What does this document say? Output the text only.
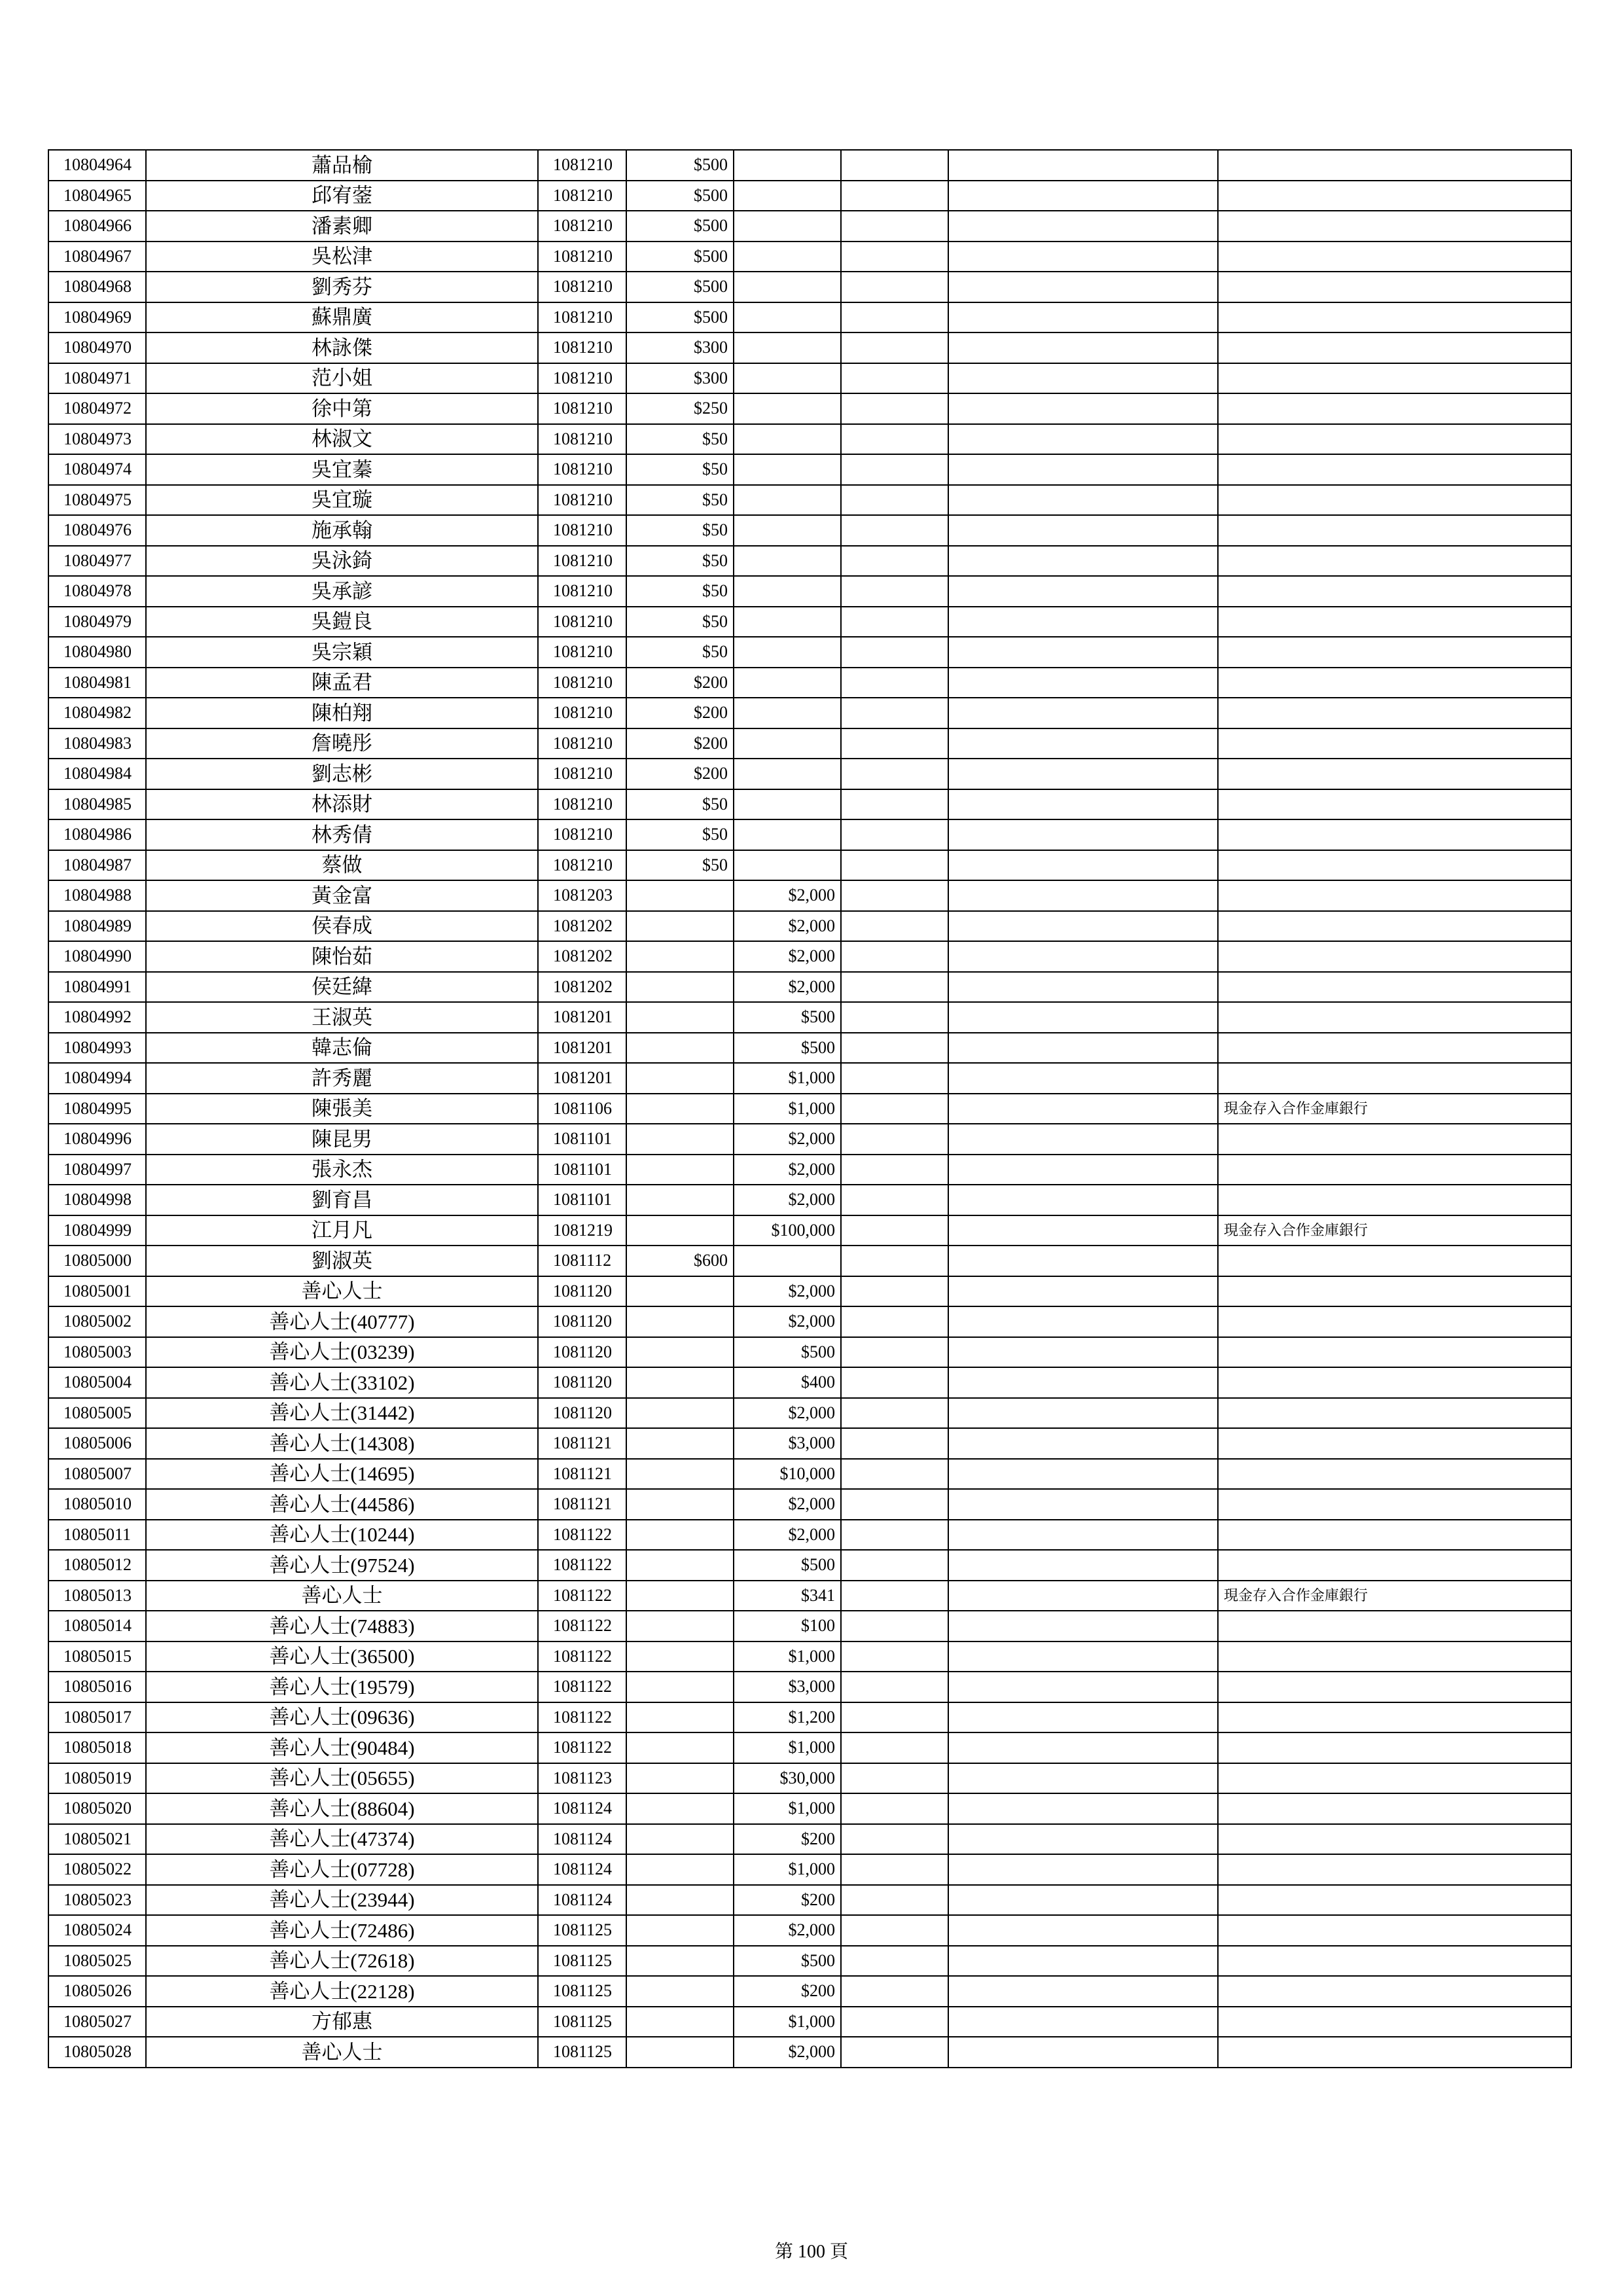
10804964	蕭品榆	1081210	$500				
10804965	邱宥蓥	1081210	$500				
10804966	潘素卿	1081210	$500				
10804967	吳松津	1081210	$500				
10804968	劉秀芬	1081210	$500				
10804969	蘇鼎廣	1081210	$500				
10804970	林詠傑	1081210	$300				
10804971	范小姐	1081210	$300				
10804972	徐中第	1081210	$250				
10804973	林淑文	1081210	$50				
10804974	吳宜蓁	1081210	$50				
10804975	吳宜璇	1081210	$50				
10804976	施承翰	1081210	$50				
10804977	吳泳錡	1081210	$50				
10804978	吳承諺	1081210	$50				
10804979	吳鎧良	1081210	$50				
10804980	吳宗穎	1081210	$50				
10804981	陳孟君	1081210	$200				
10804982	陳柏翔	1081210	$200				
10804983	詹曉彤	1081210	$200				
10804984	劉志彬	1081210	$200				
10804985	林添財	1081210	$50				
10804986	林秀倩	1081210	$50				
10804987	蔡做	1081210	$50				
10804988	黃金富	1081203		$2,000			
10804989	侯春成	1081202		$2,000			
10804990	陳怡茹	1081202		$2,000			
10804991	侯廷緯	1081202		$2,000			
10804992	王淑英	1081201		$500			
10804993	韓志倫	1081201		$500			
10804994	許秀麗	1081201		$1,000			
10804995	陳張美	1081106		$1,000			現金存入合作金庫銀行
10804996	陳昆男	1081101		$2,000			
10804997	張永杰	1081101		$2,000			
10804998	劉育昌	1081101		$2,000			
10804999	江月凡	1081219		$100,000			現金存入合作金庫銀行
10805000	劉淑英	1081112	$600				
10805001	善心人士	1081120		$2,000			
10805002	善心人士(40777)	1081120		$2,000			
10805003	善心人士(03239)	1081120		$500			
10805004	善心人士(33102)	1081120		$400			
10805005	善心人士(31442)	1081120		$2,000			
10805006	善心人士(14308)	1081121		$3,000			
10805007	善心人士(14695)	1081121		$10,000			
10805010	善心人士(44586)	1081121		$2,000			
10805011	善心人士(10244)	1081122		$2,000			
10805012	善心人士(97524)	1081122		$500			
10805013	善心人士	1081122		$341			現金存入合作金庫銀行
10805014	善心人士(74883)	1081122		$100			
10805015	善心人士(36500)	1081122		$1,000			
10805016	善心人士(19579)	1081122		$3,000			
10805017	善心人士(09636)	1081122		$1,200			
10805018	善心人士(90484)	1081122		$1,000			
10805019	善心人士(05655)	1081123		$30,000			
10805020	善心人士(88604)	1081124		$1,000			
10805021	善心人士(47374)	1081124		$200			
10805022	善心人士(07728)	1081124		$1,000			
10805023	善心人士(23944)	1081124		$200			
10805024	善心人士(72486)	1081125		$2,000			
10805025	善心人士(72618)	1081125		$500			
10805026	善心人士(22128)	1081125		$200			
10805027	方郁惠	1081125		$1,000			
10805028	善心人士	1081125		$2,000			
第 100 頁
